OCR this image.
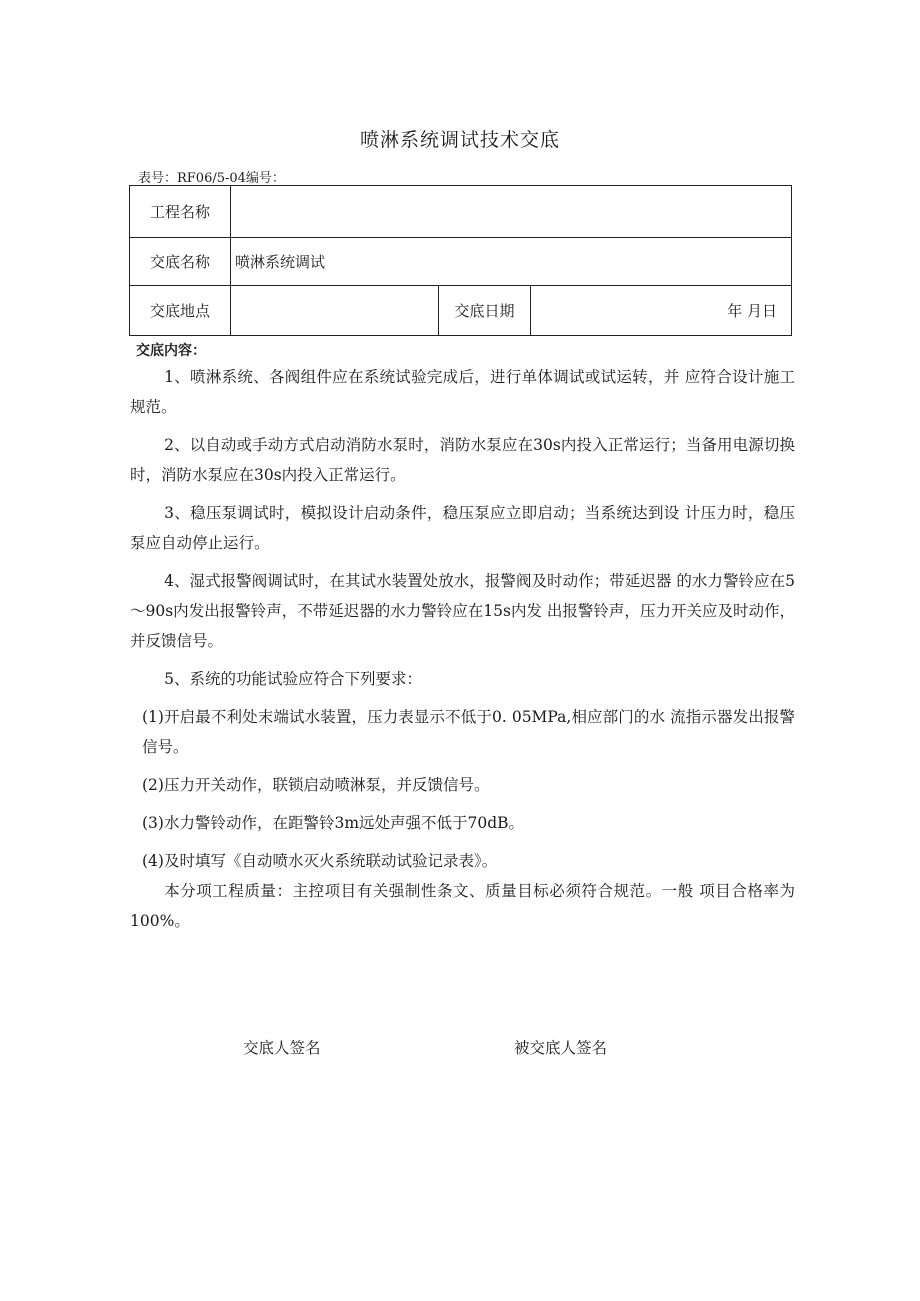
喷淋系统调试技术交底
表号：RF06/5-04编号：
工程名称			
交底名称	喷淋系统调试		
交底地点		交底日期	年 月日
交底内容：

1、喷淋系统、各阀组件应在系统试验完成后，进行单体调试或试运转，并 应符合设计施工规范。

2、以自动或手动方式启动消防水泵时，消防水泵应在30s内投入正常运行；当备用电源切换时，消防水泵应在30s内投入正常运行。

3、稳压泵调试时，模拟设计启动条件，稳压泵应立即启动；当系统达到设 计压力时，稳压泵应自动停止运行。

4、湿式报警阀调试时，在其试水装置处放水，报警阀及时动作；带延迟器 的水力警铃应在5～90s内发出报警铃声，不带延迟器的水力警铃应在15s内发 出报警铃声，压力开关应及时动作，并反馈信号。

5、系统的功能试验应符合下列要求：

(1)开启最不利处末端试水装置，压力表显示不低于0. 05MPa,相应部门的水 流指示器发出报警信号。

(2)压力开关动作，联锁启动喷淋泵，并反馈信号。

(3)水力警铃动作，在距警铃3m远处声强不低于70dB。

(4)及时填写《自动喷水灭火系统联动试验记录表》。

本分项工程质量：主控项目有关强制性条文、质量目标必须符合规范。一般 项目合格率为100%。

交底人签名	被交底人签名
